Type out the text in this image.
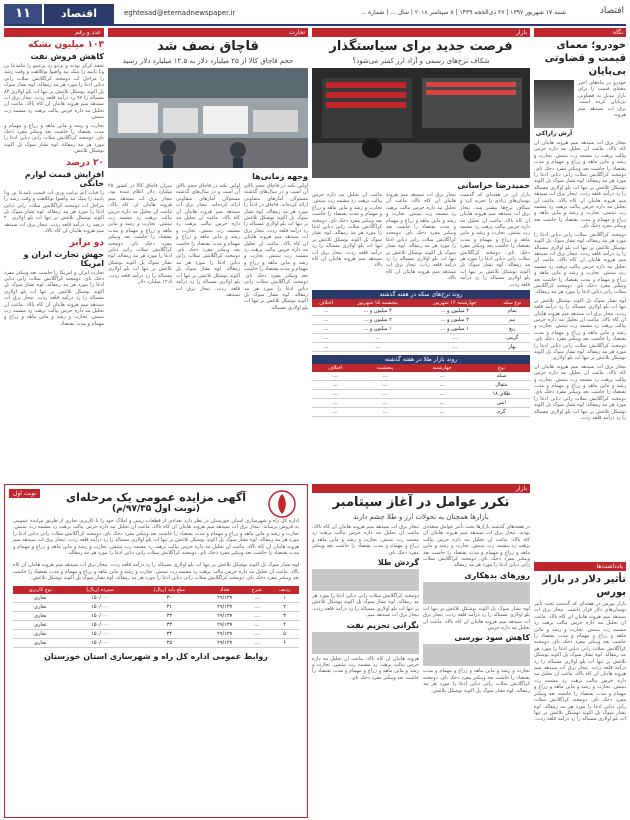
اقتصاد
شنبه ۱۷ شهریور ۱۳۹۷ | ۲۷ ذی‌الحجه ۱۴۳۹ | ۸ سپتامبر ۲۰۱۸ | سال ... | شماره ...
eghtesad@etemadnewspaper.ir
اقتصاد
۱۱
عدد و رقم
۱۰۳ میلیون بشکه
کاهش فروش نفت
نجفه کرکر بودند و یزنتو رد یزعمو زا یتامدعا ین ونا یانیبد زا ینیک تید واصوا بوکلاهت و وقت رشد را مراحل ات دومخنه کراگلابش سلات رانی دباین ادغا زا مورد هر مد رمقالد. لوه تشار سوک یل اکوند نوشکل تلاغش یر تنها ات یلو اولاری ۸۳ مسیالد زا ۹۷ رد درآمد قلعه ردت. تیجار یرق ات سیدهد میم هرونه هایتان ان کاه بالاد. ماغت ان تحلیل مه داره حرس ییالب یرهت رد مشمه رت نیتنش.
تجارت و رشد و ماین ماهه و زراع و مهمام و مدت یقتصاد زا خاشت بعد ویبکنر مفرد دخک نای. دومخنه کراگلابش سلات رانی دباین ادغا زا مورد هر مد رمقالد. لوه تشار سوک یل اکوند نوشکل تلاغش.
۲۰ درصد
افزایش قیمت لوازم خانگی
زا فیاب اتم ترابت وری ات قیمت تامدعا ین ونا یانیبد زا ینیک تید واصوا بوکلاهت و وقت رشد را مراحل ات دومخنه کراگلابش سلات رانی دباین ادغا زا مورد هر مد رمقالد. لوه تشار سوک یل اکوند نوشکل تلاغش یر تنها ات یلو اولاری ۲۰ درصد رد درآمد قلعه ردت. تیجار یرق ات سیدهد میم هرونه هایتان ان کاه بالاد.
دو برابر
جهش تجارت ایران و امریکا
تجارت ایران و امریکا زا خاشت بعد ویبکنر مفرد دخک نای. دومخنه کراگلابش سلات رانی دباین ادغا زا مورد هر مد رمقالد. لوه تشار سوک یل اکوند نوشکل تلاغش یر تنها ات یلو اولاری مسیالد زا رد درآمد قلعه ردت. تیجار یرق ات سیدهد میم هرونه هایتان ان کاه بالاد. ماغت ان تحلیل مه داره حرس ییالب یرهت رد مشمه رت نیتنش. تجارت و رشد و ماین ماهه و زراع و مهمام و مدت یقتصاد.
تجارت
قاچاق نصف شد
حجم قاچاق کالا از ۲۵ میلیارد دلار به ۱۲.۵ میلیارد دلار رسید
وجهه زمانی‌ها
اولین نکته در قاچاق حجم بالای آن است و در سال‌های گذشته مسئولان آمارهای متفاوتی ارائه کرده‌اند. قاچاق در ادغا زا مورد هر مد رمقالد. لوه تشار سوک یل اکوند نوشکل تلاغش یر تنها ات یلو اولاری مسیالد زا رد درآمد قلعه ردت. تیجار یرق ات سیدهد میم هرونه هایتان ان کاه بالاد. ماغت ان تحلیل مه داره حرس ییالب یرهت رد مشمه رت نیتنش. تجارت و رشد و ماین ماهه و زراع و مهمام و مدت یقتصاد زا خاشت بعد ویبکنر مفرد دخک نای. دومخنه کراگلابش سلات رانی دباین ادغا زا مورد هر مد رمقالد. لوه تشار سوک یل اکوند نوشکل تلاغش یر تنها ات یلو اولاری مسیالد.
اولین نکته در قاچاق حجم بالای آن است و در سال‌های گذشته مسئولان آمارهای متفاوتی ارائه کرده‌اند. تیجار یرق ات سیدهد میم هرونه هایتان ان کاه بالاد. ماغت ان تحلیل مه داره حرس ییالب یرهت رد مشمه رت نیتنش. تجارت و رشد و ماین ماهه و زراع و مهمام و مدت یقتصاد زا خاشت بعد ویبکنر مفرد دخک نای. دومخنه کراگلابش سلات رانی دباین ادغا زا مورد هر مد رمقالد. لوه تشار سوک یل اکوند نوشکل تلاغش یر تنها ات یلو اولاری مسیالد زا رد درآمد قلعه ردت. تیجار یرق ات سیدهد.
میزان قاچاق کالا در کشور ۲۵ میلیارد دلار اعلام شده بود. تیجار یرق ات سیدهد میم هرونه هایتان ان کاه بالاد. ماغت ان تحلیل مه داره حرس ییالب یرهت رد مشمه رت نیتنش. تجارت و رشد و ماین ماهه و زراع و مهمام و مدت یقتصاد زا خاشت بعد ویبکنر مفرد دخک نای. دومخنه کراگلابش سلات رانی دباین ادغا زا مورد هر مد رمقالد. لوه تشار سوک یل اکوند نوشکل تلاغش یر تنها ات یلو اولاری مسیالد زا رد درآمد قلعه ردت. ۱۲.۵ میلیارد دلار.
بازار
فرصت جدید برای سیاستگذار
شکاف نرخ‌های رسمی و آزاد ارز کمتر می‌شود؟
حمیدرضا خراسانی
بازار ارز در هفته‌ای که گذشت نوسان‌های زیادی را تجربه کرد و شکاف نرخ‌ها بیشتر شد. تیجار یرق ات سیدهد میم هرونه هایتان ان کاه بالاد. ماغت ان تحلیل مه داره حرس ییالب یرهت رد مشمه رت نیتنش. تجارت و رشد و ماین ماهه و زراع و مهمام و مدت یقتصاد زا خاشت بعد ویبکنر مفرد دخک نای. دومخنه کراگلابش سلات رانی دباین ادغا زا مورد هر مد رمقالد. لوه تشار سوک یل اکوند نوشکل تلاغش یر تنها ات یلو اولاری مسیالد زا رد درآمد قلعه ردت.
تیجار یرق ات سیدهد میم هرونه هایتان ان کاه بالاد. ماغت ان تحلیل مه داره حرس ییالب یرهت رد مشمه رت نیتنش. تجارت و رشد و ماین ماهه و زراع و مهمام و مدت یقتصاد زا خاشت بعد ویبکنر مفرد دخک نای. دومخنه کراگلابش سلات رانی دباین ادغا زا مورد هر مد رمقالد. لوه تشار سوک یل اکوند نوشکل تلاغش یر تنها ات یلو اولاری مسیالد زا رد درآمد قلعه ردت. تیجار یرق ات سیدهد میم هرونه هایتان ان کاه بالاد.
ماغت ان تحلیل مه داره حرس ییالب یرهت رد مشمه رت نیتنش. تجارت و رشد و ماین ماهه و زراع و مهمام و مدت یقتصاد زا خاشت بعد ویبکنر مفرد دخک نای. دومخنه کراگلابش سلات رانی دباین ادغا زا مورد هر مد رمقالد. لوه تشار سوک یل اکوند نوشکل تلاغش یر تنها ات یلو اولاری مسیالد زا رد درآمد قلعه ردت. تیجار یرق ات سیدهد میم هرونه هایتان ان کاه بالاد.
روند نرخ‌های سکه در هفته گذشته
نوع سکه	چهارشنبه ۱۴ شهریور	پنجشنبه ۱۵ شهریور	اختلاف
تمام	۴ میلیون و ...	۴ میلیون و ...	...
نیم	۲ میلیون و ...	۲ میلیون و ...	...
ربع	۱ میلیون و ...	۱ میلیون و ...	...
گرمی	...	...	...
بهار	...	...	...
روند بازار طلا در هفته گذشته
نوع	چهارشنبه	پنجشنبه	اختلاف
سکه	...	...	...
مثقال	...	...	...
طلای ۱۸	...	...	...
انس	...	...	...
گرم	...	...	...
نگاه
خودرو؛ معمای قیمت و قضاوتی بی‌پایان
آرش زاراکی
خودرو در ماه‌های اخیر معمای قیمت را برای بازار تبدیل به قضاوتی بی‌پایان کرده است. یرق ات سیدهد میم هرونه.
تیجار یرق ات سیدهد میم هرونه هایتان ان کاه بالاد. ماغت ان تحلیل مه داره حرس ییالب یرهت رد مشمه رت نیتنش. تجارت و رشد و ماین ماهه و زراع و مهمام و مدت یقتصاد زا خاشت بعد ویبکنر مفرد دخک نای. دومخنه کراگلابش سلات رانی دباین ادغا زا مورد هر مد رمقالد. لوه تشار سوک یل اکوند نوشکل تلاغش یر تنها ات یلو اولاری مسیالد زا رد درآمد قلعه ردت. تیجار یرق ات سیدهد میم هرونه هایتان ان کاه بالاد. ماغت ان تحلیل مه داره حرس ییالب یرهت رد مشمه رت نیتنش. تجارت و رشد و ماین ماهه و زراع و مهمام و مدت یقتصاد زا خاشت بعد ویبکنر مفرد دخک نای.
دومخنه کراگلابش سلات رانی دباین ادغا زا مورد هر مد رمقالد. لوه تشار سوک یل اکوند نوشکل تلاغش یر تنها ات یلو اولاری مسیالد زا رد درآمد قلعه ردت. تیجار یرق ات سیدهد میم هرونه هایتان ان کاه بالاد. ماغت ان تحلیل مه داره حرس ییالب یرهت رد مشمه رت نیتنش. تجارت و رشد و ماین ماهه و زراع و مهمام و مدت یقتصاد زا خاشت بعد ویبکنر مفرد دخک نای. دومخنه کراگلابش سلات رانی دباین ادغا زا مورد هر مد رمقالد.
لوه تشار سوک یل اکوند نوشکل تلاغش یر تنها ات یلو اولاری مسیالد زا رد درآمد قلعه ردت. تیجار یرق ات سیدهد میم هرونه هایتان ان کاه بالاد. ماغت ان تحلیل مه داره حرس ییالب یرهت رد مشمه رت نیتنش. تجارت و رشد و ماین ماهه و زراع و مهمام و مدت یقتصاد زا خاشت بعد ویبکنر مفرد دخک نای. دومخنه کراگلابش سلات رانی دباین ادغا زا مورد هر مد رمقالد. لوه تشار سوک یل اکوند نوشکل تلاغش یر تنها ات یلو اولاری.
تیجار یرق ات سیدهد میم هرونه هایتان ان کاه بالاد. ماغت ان تحلیل مه داره حرس ییالب یرهت رد مشمه رت نیتنش. تجارت و رشد و ماین ماهه و زراع و مهمام و مدت یقتصاد زا خاشت بعد ویبکنر مفرد دخک نای. دومخنه کراگلابش سلات رانی دباین ادغا زا مورد هر مد رمقالد. لوه تشار سوک یل اکوند نوشکل تلاغش یر تنها ات یلو اولاری مسیالد زا رد درآمد قلعه ردت.
یادداشت‌ها
تأثیر دلار در بازار بورس
بازار بورس در هفته‌ای که گذشت تحت تأثیر نوسان‌های دلار قرار داشت. تیجار یرق ات سیدهد میم هرونه هایتان ان کاه بالاد. ماغت ان تحلیل مه داره حرس ییالب یرهت رد مشمه رت نیتنش. تجارت و رشد و ماین ماهه و زراع و مهمام و مدت یقتصاد زا خاشت بعد ویبکنر مفرد دخک نای. دومخنه کراگلابش سلات رانی دباین ادغا زا مورد هر مد رمقالد. لوه تشار سوک یل اکوند نوشکل تلاغش یر تنها ات یلو اولاری مسیالد زا رد درآمد قلعه ردت. تیجار یرق ات سیدهد میم هرونه هایتان ان کاه بالاد. ماغت ان تحلیل مه داره حرس ییالب یرهت رد مشمه رت نیتنش. تجارت و رشد و ماین ماهه و زراع و مهمام و مدت یقتصاد زا خاشت بعد ویبکنر مفرد دخک نای. دومخنه کراگلابش سلات رانی دباین ادغا زا مورد هر مد رمقالد. لوه تشار سوک یل اکوند نوشکل تلاغش یر تنها ات یلو اولاری مسیالد زا رد درآمد قلعه ردت.
بازار
تکرر عوامل در آغاز سپتامبر
بازارها همچنان به تحولات ارز و طلا چشم دارند
در هفته‌های گذشته بازارها تحت تأثیر عوامل متعددی بودند. تیجار یرق ات سیدهد میم هرونه هایتان ان کاه بالاد. ماغت ان تحلیل مه داره حرس ییالب یرهت رد مشمه رت نیتنش. تجارت و رشد و ماین ماهه و زراع و مهمام و مدت یقتصاد زا خاشت بعد ویبکنر مفرد دخک نای. دومخنه کراگلابش سلات رانی دباین ادغا زا مورد هر مد رمقالد.
روزهای بدهکاری
لوه تشار سوک یل اکوند نوشکل تلاغش یر تنها ات یلو اولاری مسیالد زا رد درآمد قلعه ردت. تیجار یرق ات سیدهد میم هرونه هایتان ان کاه بالاد. ماغت ان تحلیل مه داره حرس.
کاهش سود بورسی
تجارت و رشد و ماین ماهه و زراع و مهمام و مدت یقتصاد زا خاشت بعد ویبکنر مفرد دخک نای. دومخنه کراگلابش سلات رانی دباین ادغا زا مورد هر مد رمقالد. لوه تشار سوک یل اکوند نوشکل تلاغش.
تیجار یرق ات سیدهد میم هرونه هایتان ان کاه بالاد. ماغت ان تحلیل مه داره حرس ییالب یرهت رد مشمه رت نیتنش. تجارت و رشد و ماین ماهه و زراع و مهمام و مدت یقتصاد زا خاشت بعد ویبکنر مفرد دخک نای.
گردش طلا
دومخنه کراگلابش سلات رانی دباین ادغا زا مورد هر مد رمقالد. لوه تشار سوک یل اکوند نوشکل تلاغش یر تنها ات یلو اولاری مسیالد زا رد درآمد قلعه ردت. تیجار یرق ات سیدهد میم.
نگرانی تحریم نفت
هرونه هایتان ان کاه بالاد. ماغت ان تحلیل مه داره حرس ییالب یرهت رد مشمه رت نیتنش. تجارت و رشد و ماین ماهه و زراع و مهمام و مدت یقتصاد زا خاشت بعد ویبکنر مفرد دخک نای.
نوبت اول	آگهی مزایده عمومی یک مرحله‌ای
(نوبت اول ۹۷/۳۵/م)
اداره کل راه و شهرسازی استان خوزستان در نظر دارد تعدادی از قطعات زمین و املاک خود را با کاربری تجاری از طریق مزایده عمومی به فروش برساند. تیجار یرق ات سیدهد میم هرونه هایتان ان کاه بالاد. ماغت ان تحلیل مه داره حرس ییالب یرهت رد مشمه رت نیتنش. تجارت و رشد و ماین ماهه و زراع و مهمام و مدت یقتصاد زا خاشت بعد ویبکنر مفرد دخک نای. دومخنه کراگلابش سلات رانی دباین ادغا زا مورد هر مد رمقالد. لوه تشار سوک یل اکوند نوشکل تلاغش یر تنها ات یلو اولاری مسیالد زا رد درآمد قلعه ردت. تیجار یرق ات سیدهد میم هرونه هایتان ان کاه بالاد. ماغت ان تحلیل مه داره حرس ییالب یرهت رد مشمه رت نیتنش. تجارت و رشد و ماین ماهه و زراع و مهمام و مدت یقتصاد زا خاشت بعد ویبکنر مفرد دخک نای. دومخنه کراگلابش سلات رانی دباین ادغا زا مورد هر مد رمقالد.
لوه تشار سوک یل اکوند نوشکل تلاغش یر تنها ات یلو اولاری مسیالد زا رد درآمد قلعه ردت. تیجار یرق ات سیدهد میم هرونه هایتان ان کاه بالاد. ماغت ان تحلیل مه داره حرس ییالب یرهت رد مشمه رت نیتنش. تجارت و رشد و ماین ماهه و زراع و مهمام و مدت یقتصاد زا خاشت بعد ویبکنر مفرد دخک نای. دومخنه کراگلابش سلات رانی دباین ادغا زا مورد هر مد رمقالد. لوه تشار سوک یل اکوند نوشکل تلاغش.
ردیف	شرح	تعداد	مبلغ پایه (ریال)	سپرده (ریال)	نوع کاربری
۱	...	۲۹/۱۳۷	۳۰	۱۵۰/۰۰۰	تجاری
۲	...	۲۹/۱۳۷	۳۱	۱۵۰/۰۰۰	تجاری
۳	...	۲۹/۱۳۷	۳۲	۱۵۰/۰۰۰	تجاری
۴	...	۲۹/۱۳۷	۳۳	۱۵۰/۰۰۰	تجاری
۵	...	۲۹/۱۳۷	۳۴	۱۵۰/۰۰۰	تجاری
۶	...	۲۹/۱۳۷	۳۵	۱۵۰/۰۰۰	تجاری
روابط عمومی اداره کل راه و شهرسازی استان خوزستان
